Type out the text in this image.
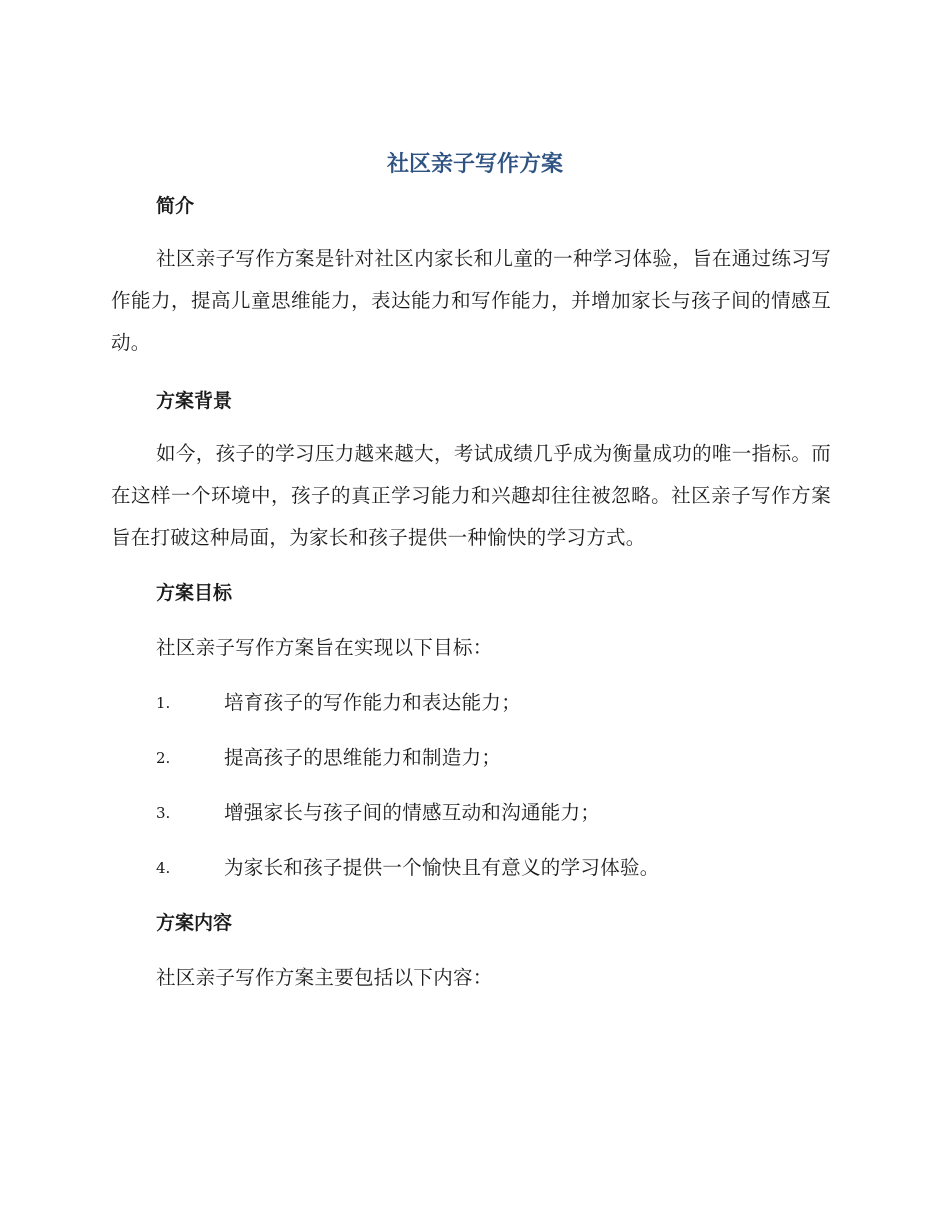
社区亲子写作方案
简介

社区亲子写作方案是针对社区内家长和儿童的一种学习体验，旨在通过练习写作能力，提高儿童思维能力，表达能力和写作能力，并增加家长与孩子间的情感互动。

方案背景

如今，孩子的学习压力越来越大，考试成绩几乎成为衡量成功的唯一指标。而在这样一个环境中，孩子的真正学习能力和兴趣却往往被忽略。社区亲子写作方案旨在打破这种局面，为家长和孩子提供一种愉快的学习方式。

方案目标

社区亲子写作方案旨在实现以下目标：

1.	培育孩子的写作能力和表达能力；
2.	提高孩子的思维能力和制造力；
3.	增强家长与孩子间的情感互动和沟通能力；
4.	为家长和孩子提供一个愉快且有意义的学习体验。
方案内容

社区亲子写作方案主要包括以下内容：
